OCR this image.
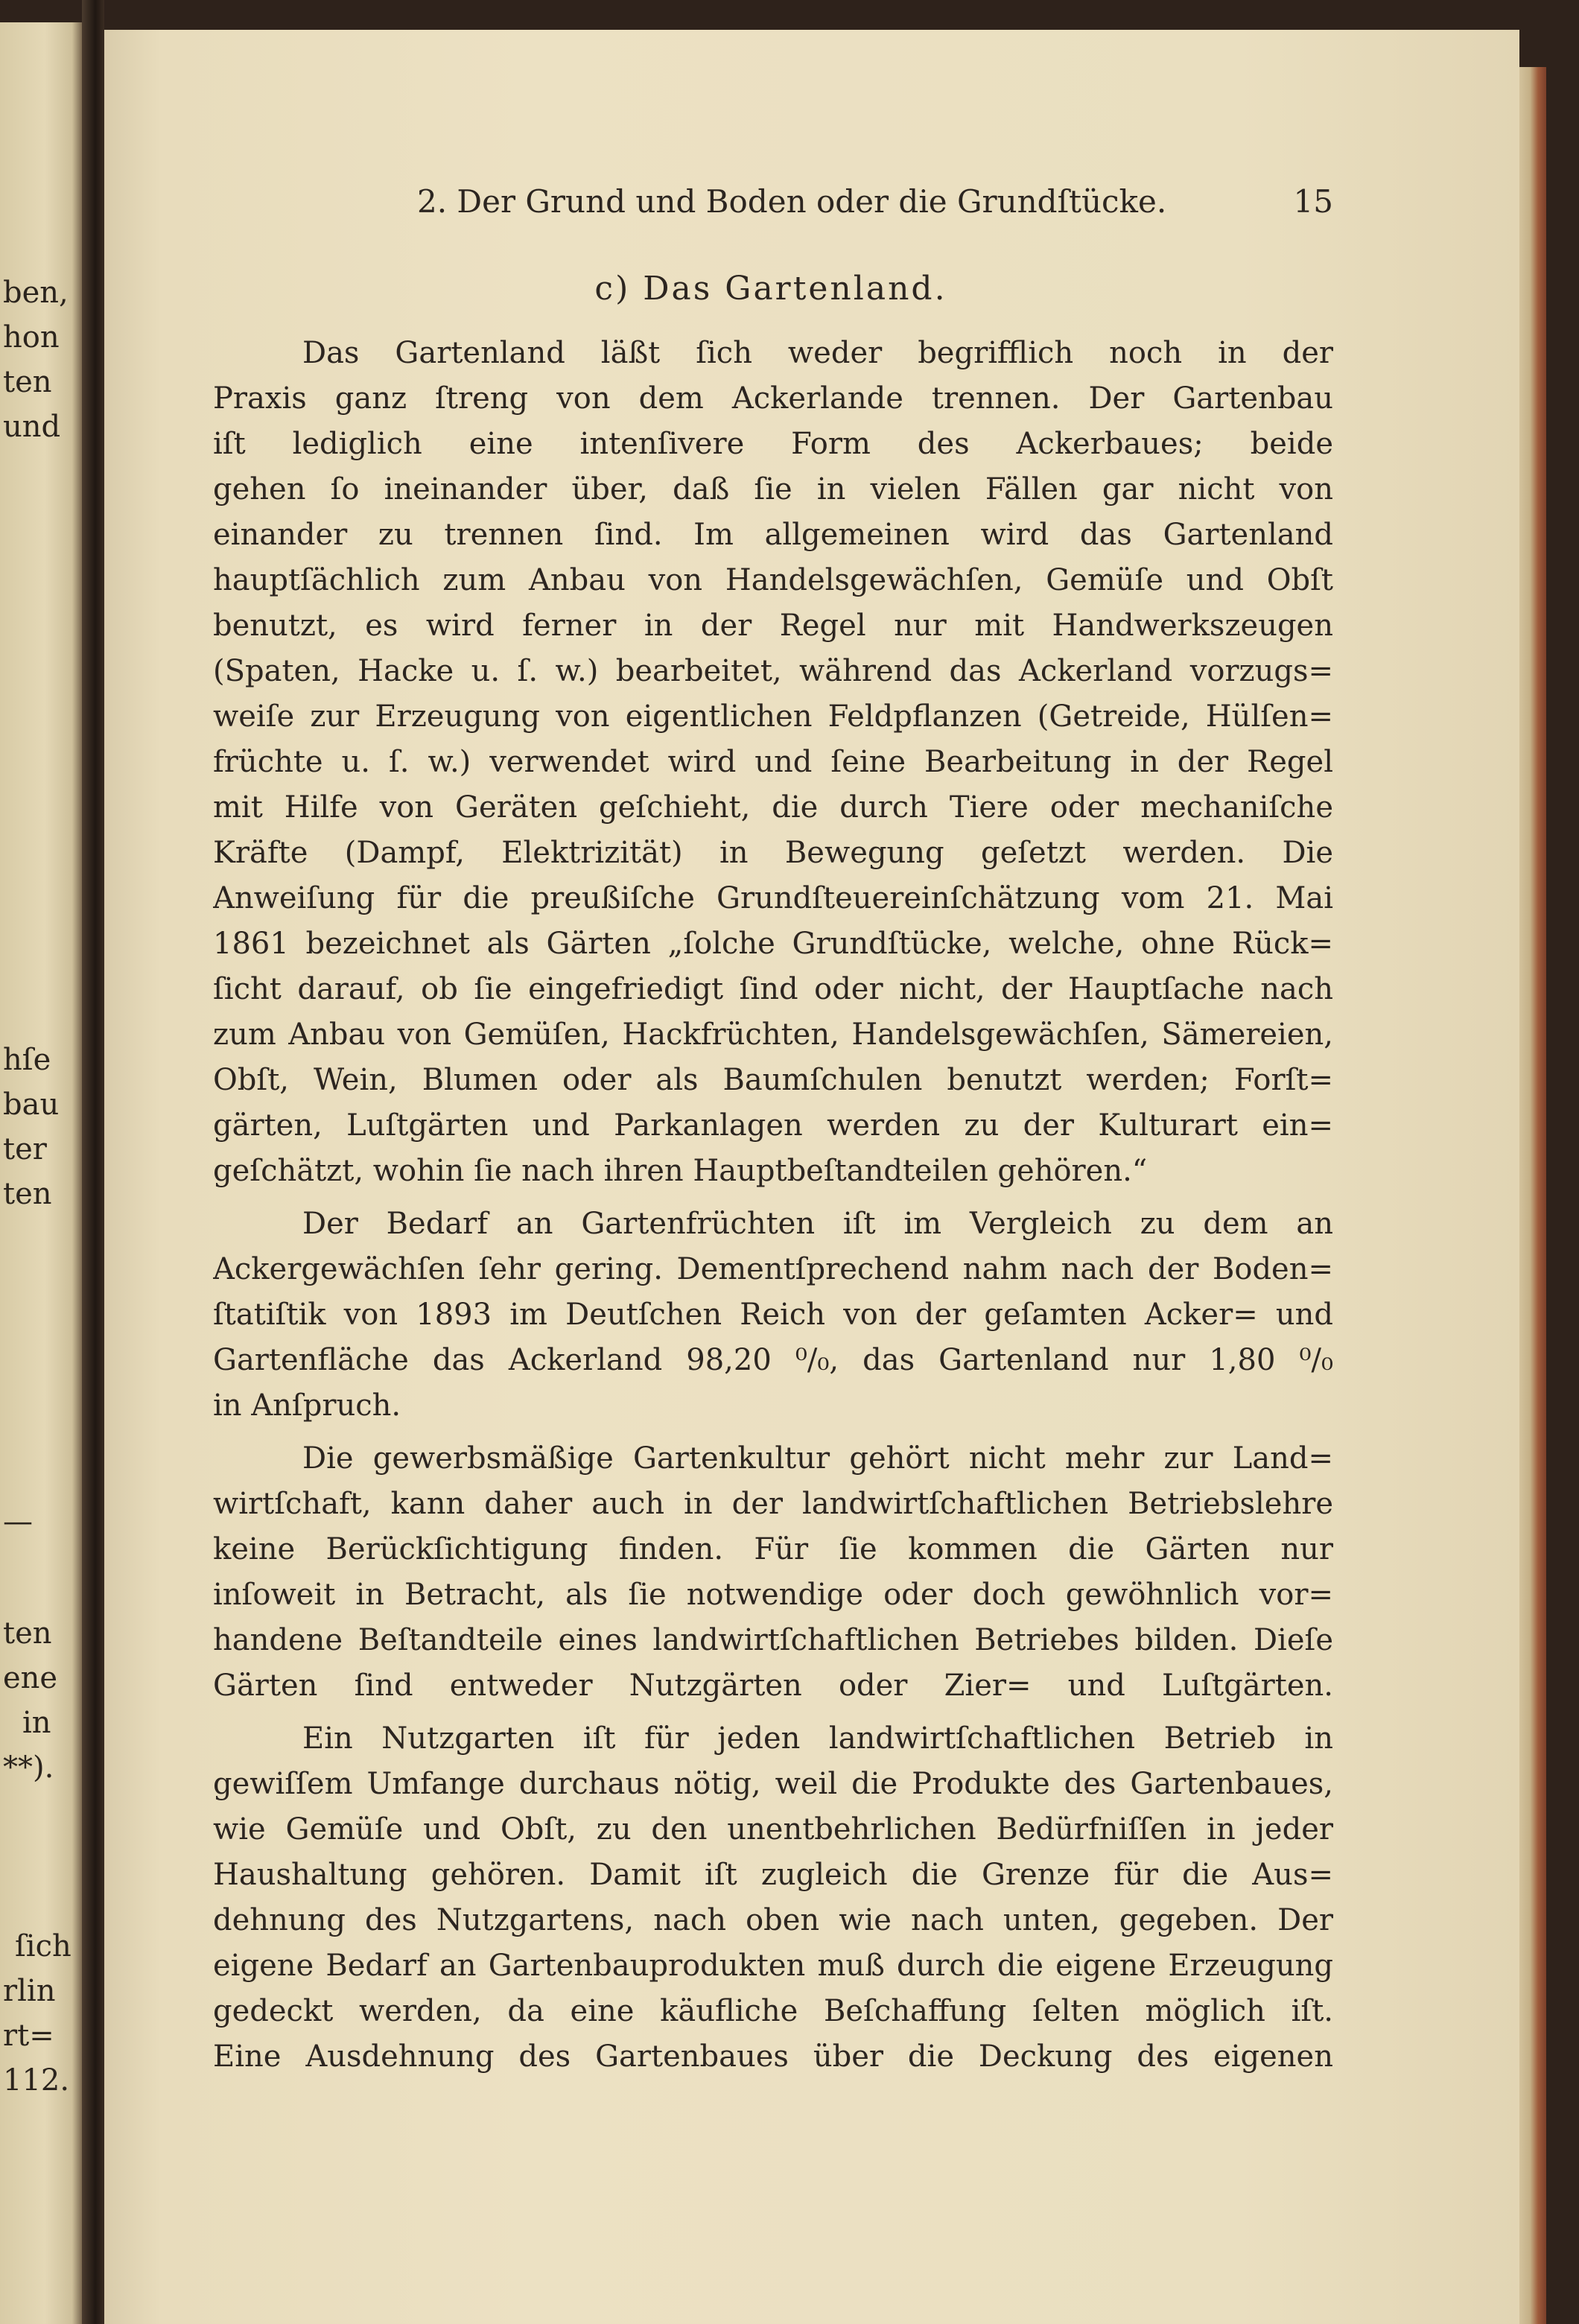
ben,
hon
ten
und
hſe
bau
ter
ten
—
ten
ene
in
**).
ſich
rlin
rt=
112.
2. Der Grund und Boden oder die Grundſtücke.	15
c) Das Gartenland.
Das Gartenland läßt ſich weder begrifflich noch in der
Praxis ganz ſtreng von dem Ackerlande trennen. Der Gartenbau
iſt lediglich eine intenſivere Form des Ackerbaues; beide
gehen ſo ineinander über, daß ſie in vielen Fällen gar nicht von
einander zu trennen ſind. Im allgemeinen wird das Gartenland
hauptſächlich zum Anbau von Handelsgewächſen, Gemüſe und Obſt
benutzt, es wird ferner in der Regel nur mit Handwerkszeugen
(Spaten, Hacke u. ſ. w.) bearbeitet, während das Ackerland vorzugs=
weiſe zur Erzeugung von eigentlichen Feldpflanzen (Getreide, Hülſen=
früchte u. ſ. w.) verwendet wird und ſeine Bearbeitung in der Regel
mit Hilfe von Geräten geſchieht, die durch Tiere oder mechaniſche
Kräfte (Dampf, Elektrizität) in Bewegung geſetzt werden. Die
Anweiſung für die preußiſche Grundſteuereinſchätzung vom 21. Mai
1861 bezeichnet als Gärten „ſolche Grundſtücke, welche, ohne Rück=
ſicht darauf, ob ſie eingefriedigt ſind oder nicht, der Hauptſache nach
zum Anbau von Gemüſen, Hackfrüchten, Handelsgewächſen, Sämereien,
Obſt, Wein, Blumen oder als Baumſchulen benutzt werden; Forſt=
gärten, Luſtgärten und Parkanlagen werden zu der Kulturart ein=
geſchätzt, wohin ſie nach ihren Hauptbeſtandteilen gehören.“
Der Bedarf an Gartenfrüchten iſt im Vergleich zu dem an
Ackergewächſen ſehr gering. Dementſprechend nahm nach der Boden=
ſtatiſtik von 1893 im Deutſchen Reich von der geſamten Acker= und
Gartenfläche das Ackerland 98,20 ⁰/₀, das Gartenland nur 1,80 ⁰/₀
in Anſpruch.
Die gewerbsmäßige Gartenkultur gehört nicht mehr zur Land=
wirtſchaft, kann daher auch in der landwirtſchaftlichen Betriebslehre
keine Berückſichtigung finden. Für ſie kommen die Gärten nur
inſoweit in Betracht, als ſie notwendige oder doch gewöhnlich vor=
handene Beſtandteile eines landwirtſchaftlichen Betriebes bilden. Dieſe
Gärten ſind entweder Nutzgärten oder Zier= und Luſtgärten.
Ein Nutzgarten iſt für jeden landwirtſchaftlichen Betrieb in
gewiſſem Umfange durchaus nötig, weil die Produkte des Gartenbaues,
wie Gemüſe und Obſt, zu den unentbehrlichen Bedürfniſſen in jeder
Haushaltung gehören. Damit iſt zugleich die Grenze für die Aus=
dehnung des Nutzgartens, nach oben wie nach unten, gegeben. Der
eigene Bedarf an Gartenbauprodukten muß durch die eigene Erzeugung
gedeckt werden, da eine käufliche Beſchaffung ſelten möglich iſt.
Eine Ausdehnung des Gartenbaues über die Deckung des eigenen
